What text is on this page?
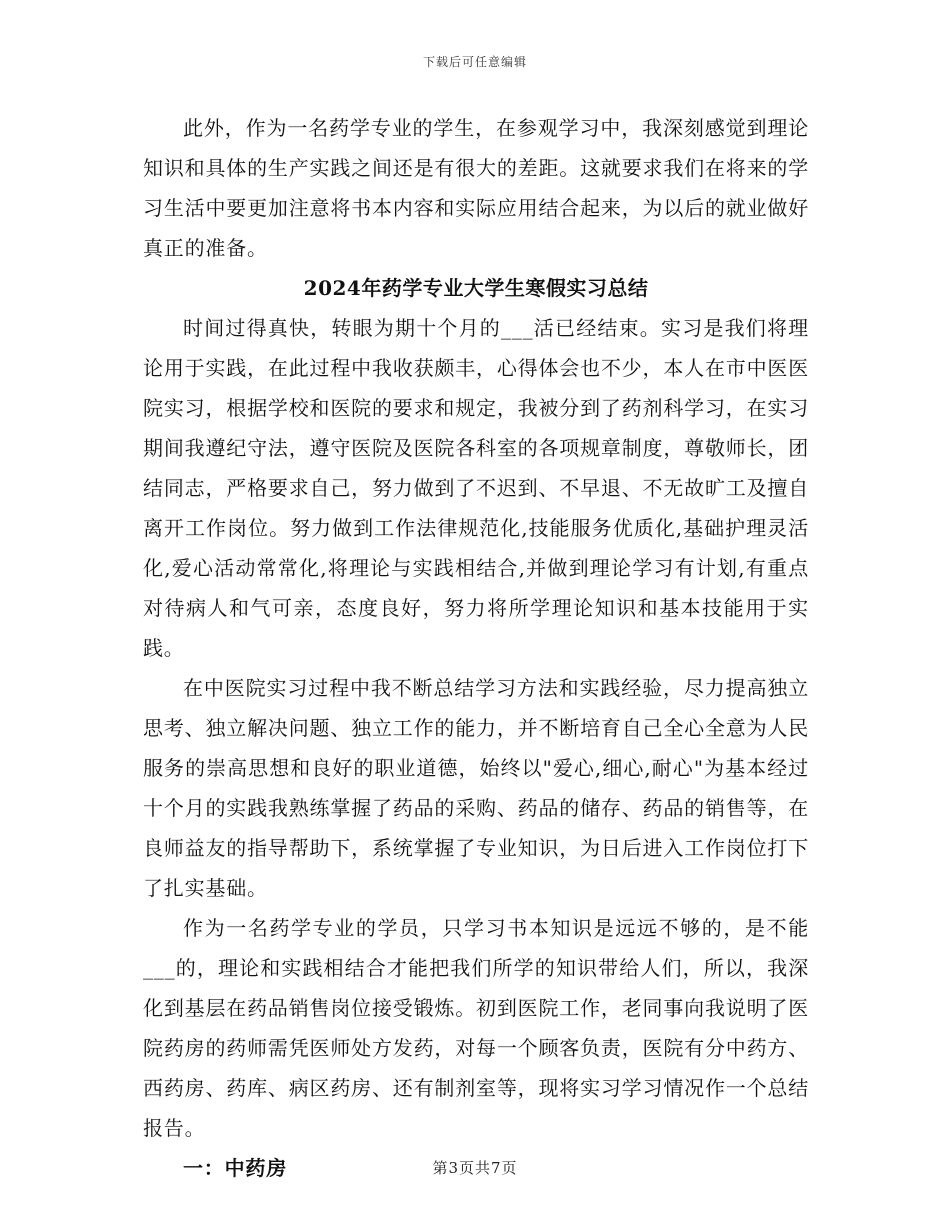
下载后可任意编辑

此外，作为一名药学专业的学生，在参观学习中，我深刻感觉到理论知识和具体的生产实践之间还是有很大的差距。这就要求我们在将来的学习生活中要更加注意将书本内容和实际应用结合起来，为以后的就业做好真正的准备。

2024年药学专业大学生寒假实习总结

时间过得真快，转眼为期十个月的___活已经结束。实习是我们将理论用于实践，在此过程中我收获颇丰，心得体会也不少，本人在市中医医院实习，根据学校和医院的要求和规定，我被分到了药剂科学习，在实习期间我遵纪守法，遵守医院及医院各科室的各项规章制度，尊敬师长，团结同志，严格要求自己，努力做到了不迟到、不早退、不无故旷工及擅自离开工作岗位。努力做到工作法律规范化,技能服务优质化,基础护理灵活化,爱心活动常常化,将理论与实践相结合,并做到理论学习有计划,有重点对待病人和气可亲，态度良好，努力将所学理论知识和基本技能用于实践。

在中医院实习过程中我不断总结学习方法和实践经验，尽力提高独立思考、独立解决问题、独立工作的能力，并不断培育自己全心全意为人民服务的崇高思想和良好的职业道德，始终以"爱心,细心,耐心"为基本经过十个月的实践我熟练掌握了药品的采购、药品的储存、药品的销售等，在良师益友的指导帮助下，系统掌握了专业知识，为日后进入工作岗位打下了扎实基础。

作为一名药学专业的学员，只学习书本知识是远远不够的，是不能___的，理论和实践相结合才能把我们所学的知识带给人们，所以，我深化到基层在药品销售岗位接受锻炼。初到医院工作，老同事向我说明了医院药房的药师需凭医师处方发药，对每一个顾客负责，医院有分中药方、西药房、药库、病区药房、还有制剂室等，现将实习学习情况作一个总结报告。

一：中药房	第3页共7页
